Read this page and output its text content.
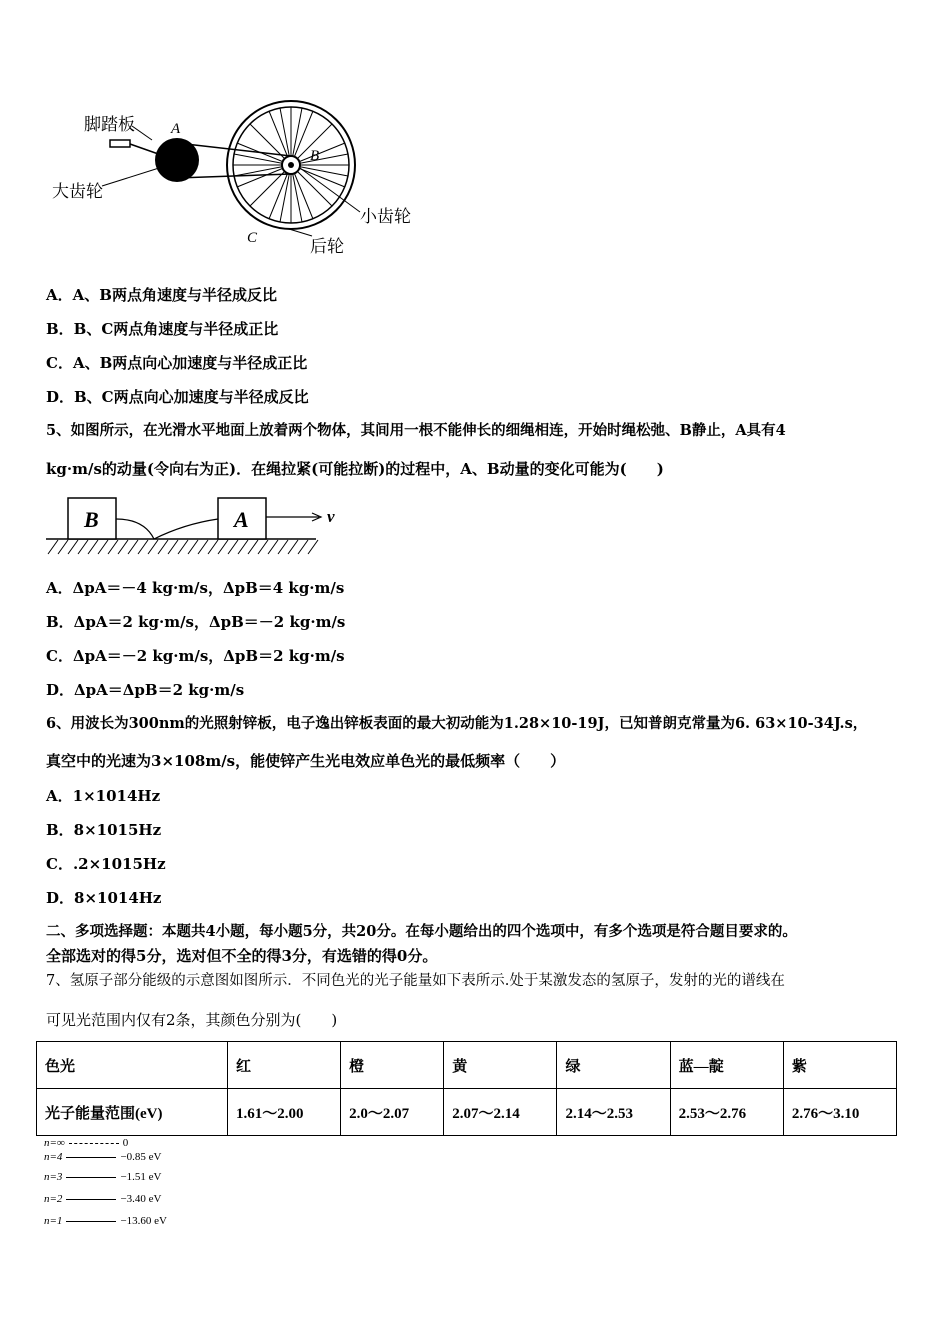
脚踏板
大齿轮
小齿轮
后轮
A
B
C
A．A、B两点角速度与半径成反比
B．B、C两点角速度与半径成正比
C．A、B两点向心加速度与半径成正比
D．B、C两点向心加速度与半径成反比
5、如图所示，在光滑水平地面上放着两个物体，其间用一根不能伸长的细绳相连，开始时绳松弛、B静止，A具有4
kg·m/s的动量(令向右为正)．在绳拉紧(可能拉断)的过程中，A、B动量的变化可能为(　　)
B	A	v
A．ΔpA＝－4 kg·m/s，ΔpB＝4 kg·m/s
B．ΔpA＝2 kg·m/s，ΔpB＝－2 kg·m/s
C．ΔpA＝－2 kg·m/s，ΔpB＝2 kg·m/s
D．ΔpA＝ΔpB＝2 kg·m/s
6、用波长为300nm的光照射锌板，电子逸出锌板表面的最大初动能为1.28×10-19J，已知普朗克常量为6. 63×10-34J.s，
真空中的光速为3×108m/s，能使锌产生光电效应单色光的最低频率（　　）
A．1×1014Hz
B．8×1015Hz
C．.2×1015Hz
D．8×1014Hz
二、多项选择题：本题共4小题，每小题5分，共20分。在每小题给出的四个选项中，有多个选项是符合题目要求的。
全部选对的得5分，选对但不全的得3分，有选错的得0分。
7、氢原子部分能级的示意图如图所示．不同色光的光子能量如下表所示.处于某激发态的氢原子，发射的光的谱线在
可见光范围内仅有2条，其颜色分别为(　　)
色光	红	橙	黄	绿	蓝—靛	紫
光子能量范围(eV)	1.61～2.00	2.0～2.07	2.07～2.14	2.14～2.53	2.53～2.76	2.76～3.10
n=∞	0
n=4	−0.85 eV
n=3	−1.51 eV
n=2	−3.40 eV
n=1	−13.60 eV
